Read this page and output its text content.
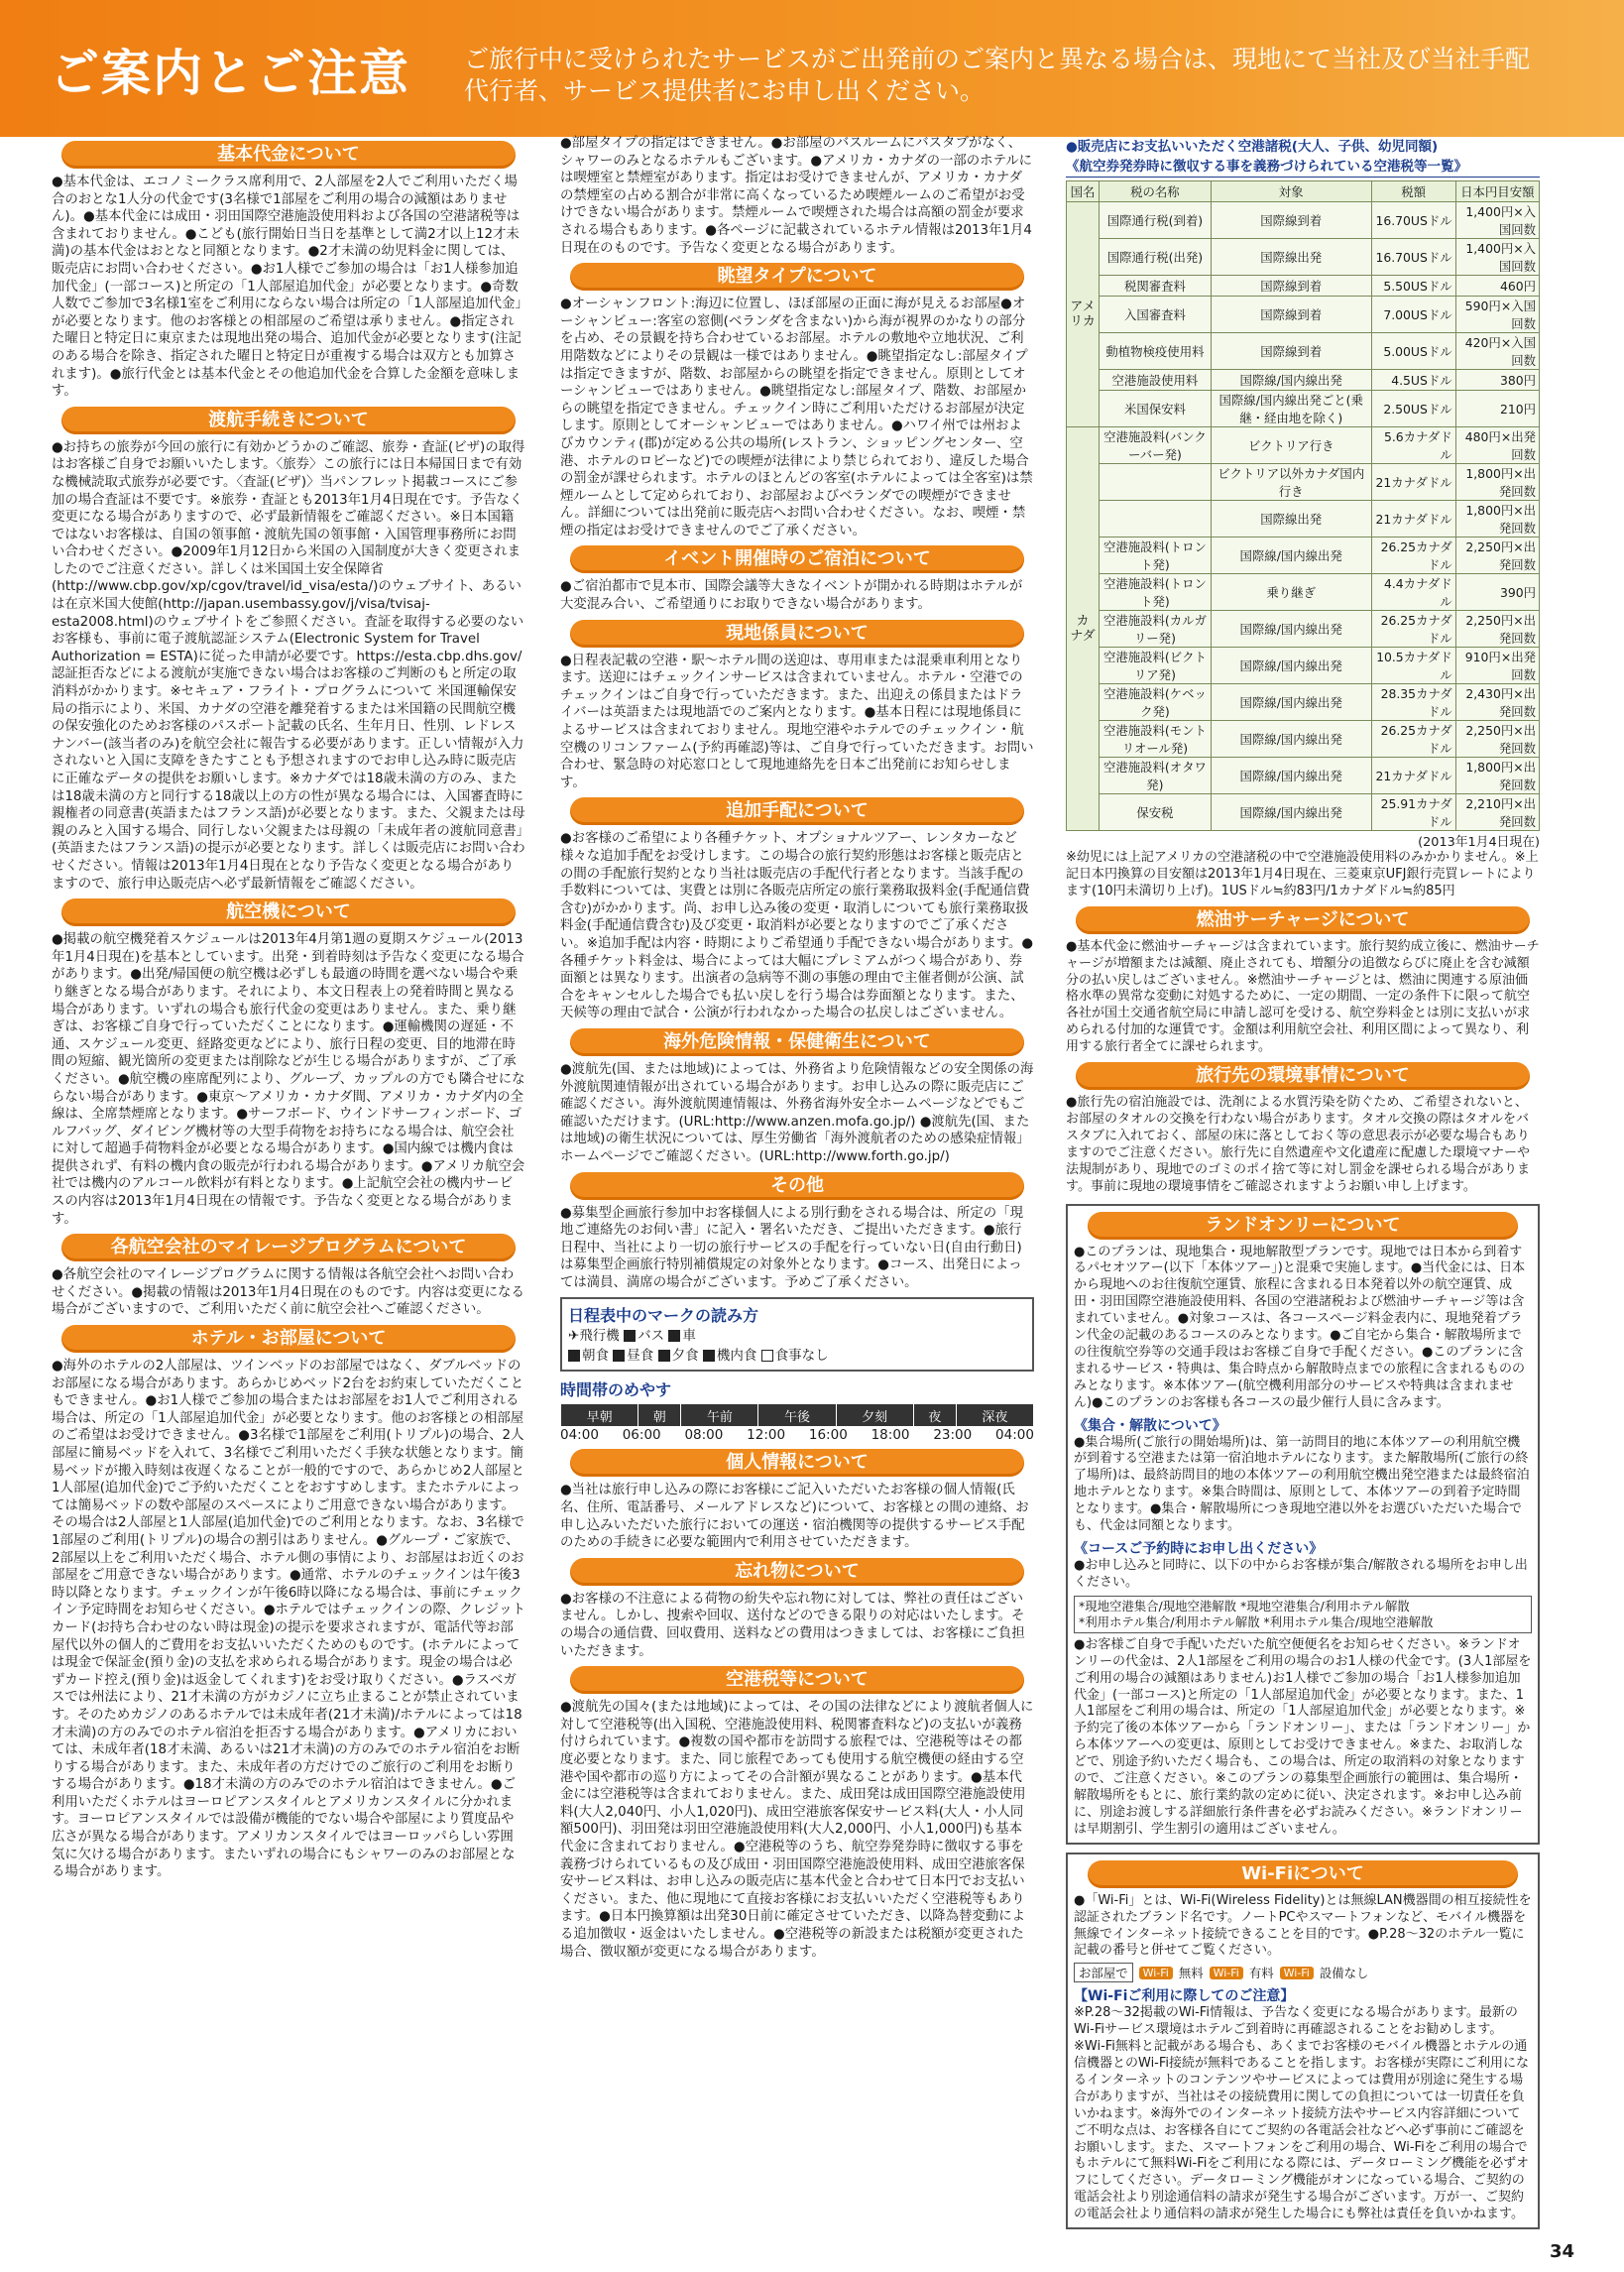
ご案内とご注意 ご旅行中に受けられたサービスがご出発前のご案内と異なる場合は、現地にて当社及び当社手配代行者、サービス提供者にお申し出ください。
基本代金について

●基本代金は、エコノミークラス席利用で、2人部屋を2人でご利用いただく場合のおとな1人分の代金です(3名様で1部屋をご利用の場合の減額はありません)。●基本代金には成田・羽田国際空港施設使用料および各国の空港諸税等は含まれておりません。●こども(旅行開始日当日を基準として満2才以上12才未満)の基本代金はおとなと同額となります。●2才未満の幼児料金に関しては、販売店にお問い合わせください。●お1人様でご参加の場合は「お1人様参加追加代金」(一部コース)と所定の「1人部屋追加代金」が必要となります。●奇数人数でご参加で3名様1室をご利用にならない場合は所定の「1人部屋追加代金」が必要となります。他のお客様との相部屋のご希望は承りません。●指定された曜日と特定日に東京または現地出発の場合、追加代金が必要となります(注記のある場合を除き、指定された曜日と特定日が重複する場合は双方とも加算されます)。●旅行代金とは基本代金とその他追加代金を合算した金額を意味します。

渡航手続きについて

●お持ちの旅券が今回の旅行に有効かどうかのご確認、旅券・査証(ビザ)の取得はお客様ご自身でお願いいたします。〈旅券〉この旅行には日本帰国日まで有効な機械読取式旅券が必要です。〈査証(ビザ)〉当パンフレット掲載コースにご参加の場合査証は不要です。※旅券・査証とも2013年1月4日現在です。予告なく変更になる場合がありますので、必ず最新情報をご確認ください。※日本国籍ではないお客様は、自国の領事館・渡航先国の領事館・入国管理事務所にお問い合わせください。●2009年1月12日から米国の入国制度が大きく変更されましたのでご注意ください。詳しくは米国国土安全保障省(http://www.cbp.gov/xp/cgov/travel/id_visa/esta/)のウェブサイト、あるいは在京米国大使館(http://japan.usembassy.gov/j/visa/tvisaj-esta2008.html)のウェブサイトをご参照ください。査証を取得する必要のないお客様も、事前に電子渡航認証システム(Electronic System for Travel Authorization = ESTA)に従った申請が必要です。https://esta.cbp.dhs.gov/ 認証拒否などによる渡航が実施できない場合はお客様のご判断のもと所定の取消料がかかります。※セキュア・フライト・プログラムについて 米国運輸保安局の指示により、米国、カナダの空港を離発着するまたは米国籍の民間航空機の保安強化のためお客様のパスポート記載の氏名、生年月日、性別、レドレスナンバー(該当者のみ)を航空会社に報告する必要があります。正しい情報が入力されないと入国に支障をきたすことも予想されますのでお申し込み時に販売店に正確なデータの提供をお願いします。※カナダでは18歳未満の方のみ、または18歳未満の方と同行する18歳以上の方の性が異なる場合には、入国審査時に親権者の同意書(英語またはフランス語)が必要となります。また、父親または母親のみと入国する場合、同行しない父親または母親の「未成年者の渡航同意書」(英語またはフランス語)の提示が必要となります。詳しくは販売店にお問い合わせください。情報は2013年1月4日現在となり予告なく変更となる場合がありますので、旅行申込販売店へ必ず最新情報をご確認ください。

航空機について

●掲載の航空機発着スケジュールは2013年4月第1週の夏期スケジュール(2013年1月4日現在)を基本としています。出発・到着時刻は予告なく変更になる場合があります。●出発/帰国便の航空機は必ずしも最適の時間を選べない場合や乗り継ぎとなる場合があります。それにより、本文日程表上の発着時間と異なる場合があります。いずれの場合も旅行代金の変更はありません。また、乗り継ぎは、お客様ご自身で行っていただくことになります。●運輸機関の遅延・不通、スケジュール変更、経路変更などにより、旅行日程の変更、目的地滞在時間の短縮、観光箇所の変更または削除などが生じる場合がありますが、ご了承ください。●航空機の座席配列により、グループ、カップルの方でも隣合せにならない場合があります。●東京〜アメリカ・カナダ間、アメリカ・カナダ内の全線は、全席禁煙席となります。●サーフボード、ウインドサーフィンボード、ゴルフバッグ、ダイビング機材等の大型手荷物をお持ちになる場合は、航空会社に対して超過手荷物料金が必要となる場合があります。●国内線では機内食は提供されず、有料の機内食の販売が行われる場合があります。●アメリカ航空会社では機内のアルコール飲料が有料となります。●上記航空会社の機内サービスの内容は2013年1月4日現在の情報です。予告なく変更となる場合があります。

各航空会社のマイレージプログラムについて

●各航空会社のマイレージプログラムに関する情報は各航空会社へお問い合わせください。●掲載の情報は2013年1月4日現在のものです。内容は変更になる場合がございますので、ご利用いただく前に航空会社へご確認ください。

ホテル・お部屋について

●海外のホテルの2人部屋は、ツインベッドのお部屋ではなく、ダブルベッドのお部屋になる場合があります。あらかじめベッド2台をお約束していただくこともできません。●お1人様でご参加の場合またはお部屋をお1人でご利用される場合は、所定の「1人部屋追加代金」が必要となります。他のお客様との相部屋のご希望はお受けできません。●3名様で1部屋をご利用(トリプル)の場合、2人部屋に簡易ベッドを入れて、3名様でご利用いただく手狭な状態となります。簡易ベッドが搬入時刻は夜遅くなることが一般的ですので、あらかじめ2人部屋と1人部屋(追加代金)でご予約いただくことをおすすめします。またホテルによっては簡易ベッドの数や部屋のスペースによりご用意できない場合があります。その場合は2人部屋と1人部屋(追加代金)でのご利用となります。なお、3名様で1部屋のご利用(トリプル)の場合の割引はありません。●グループ・ご家族で、2部屋以上をご利用いただく場合、ホテル側の事情により、お部屋はお近くのお部屋をご用意できない場合があります。●通常、ホテルのチェックインは午後3時以降となります。チェックインが午後6時以降になる場合は、事前にチェックイン予定時間をお知らせください。●ホテルではチェックインの際、クレジットカード(お持ち合わせのない時は現金)の提示を要求されますが、電話代等お部屋代以外の個人的ご費用をお支払いいただくためのものです。(ホテルによっては現金で保証金(預り金)の支払を求められる場合があります。現金の場合は必ずカード控え(預り金)は返金してくれます)をお受け取りください。●ラスベガスでは州法により、21才未満の方がカジノに立ち止まることが禁止されています。そのためカジノのあるホテルでは未成年者(21才未満)/ホテルによっては18才未満)の方のみでのホテル宿泊を拒否する場合があります。●アメリカにおいては、未成年者(18才未満、あるいは21才未満)の方のみでのホテル宿泊をお断りする場合があります。また、未成年者の方だけでのご旅行のご利用をお断りする場合があります。●18才未満の方のみでのホテル宿泊はできません。●ご利用いただくホテルはヨーロピアンスタイルとアメリカンスタイルに分かれます。ヨーロピアンスタイルでは設備が機能的でない場合や部屋により質度品や広さが異なる場合があります。アメリカンスタイルではヨーロッパらしい雰囲気に欠ける場合があります。またいずれの場合にもシャワーのみのお部屋となる場合があります。

●部屋タイプの指定はできません。●お部屋のバスルームにバスタブがなく、シャワーのみとなるホテルもございます。●アメリカ・カナダの一部のホテルには喫煙室と禁煙室があります。指定はお受けできませんが、アメリカ・カナダの禁煙室の占める割合が非常に高くなっているため喫煙ルームのご希望がお受けできない場合があります。禁煙ルームで喫煙された場合は高額の罰金が要求される場合もあります。●各ページに記載されているホテル情報は2013年1月4日現在のものです。予告なく変更となる場合があります。

眺望タイプについて

●オーシャンフロント:海辺に位置し、ほぼ部屋の正面に海が見えるお部屋●オーシャンビュー:客室の窓側(ベランダを含まない)から海が視界のかなりの部分を占め、その景観を持ち合わせているお部屋。ホテルの敷地や立地状況、ご利用階数などによりその景観は一様ではありません。●眺望指定なし:部屋タイプは指定できますが、階数、お部屋からの眺望を指定できません。原則としてオーシャンビューではありません。●眺望指定なし:部屋タイプ、階数、お部屋からの眺望を指定できません。チェックイン時にご利用いただけるお部屋が決定します。原則としてオーシャンビューではありません。●ハワイ州では州およびカウンティ(郡)が定める公共の場所(レストラン、ショッピングセンター、空港、ホテルのロビーなど)での喫煙が法律により禁じられており、違反した場合の罰金が課せられます。ホテルのほとんどの客室(ホテルによっては全客室)は禁煙ルームとして定められており、お部屋およびベランダでの喫煙ができません。詳細については出発前に販売店へお問い合わせください。なお、喫煙・禁煙の指定はお受けできませんのでご了承ください。

イベント開催時のご宿泊について

●ご宿泊都市で見本市、国際会議等大きなイベントが開かれる時期はホテルが大変混み合い、ご希望通りにお取りできない場合があります。

現地係員について

●日程表記載の空港・駅〜ホテル間の送迎は、専用車または混乗車利用となります。送迎にはチェックインサービスは含まれていません。ホテル・空港でのチェックインはご自身で行っていただきます。また、出迎えの係員またはドライバーは英語または現地語でのご案内となります。●基本日程には現地係員によるサービスは含まれておりません。現地空港やホテルでのチェックイン・航空機のリコンファーム(予約再確認)等は、ご自身で行っていただきます。お問い合わせ、緊急時の対応窓口として現地連絡先を日本ご出発前にお知らせします。

追加手配について

●お客様のご希望により各種チケット、オプショナルツアー、レンタカーなど様々な追加手配をお受けします。この場合の旅行契約形態はお客様と販売店との間の手配旅行契約となり当社は販売店の手配代行者となります。当該手配の手数料については、実費とは別に各販売店所定の旅行業務取扱料金(手配通信費含む)がかかります。尚、お申し込み後の変更・取消しについても旅行業務取扱料金(手配通信費含む)及び変更・取消料が必要となりますのでご了承ください。※追加手配は内容・時期によりご希望通り手配できない場合があります。●各種チケット料金は、場合によっては大幅にプレミアムがつく場合があり、券面額とは異なります。出演者の急病等不測の事態の理由で主催者側が公演、試合をキャンセルした場合でも払い戻しを行う場合は券面額となります。また、天候等の理由で試合・公演が行われなかった場合の払戻しはございません。

海外危険情報・保健衛生について

●渡航先(国、または地域)によっては、外務省より危険情報などの安全関係の海外渡航関連情報が出されている場合があります。お申し込みの際に販売店にご確認ください。海外渡航関連情報は、外務省海外安全ホームページなどでもご確認いただけます。(URL:http://www.anzen.mofa.go.jp/) ●渡航先(国、または地域)の衛生状況については、厚生労働省「海外渡航者のための感染症情報」ホームページでご確認ください。(URL:http://www.forth.go.jp/)

その他

●募集型企画旅行参加中お客様個人による別行動をされる場合は、所定の「現地ご連絡先のお伺い書」に記入・署名いただき、ご提出いただきます。●旅行日程中、当社により一切の旅行サービスの手配を行っていない日(自由行動日)は募集型企画旅行特別補償規定の対象外となります。●コース、出発日によっては満員、満席の場合がございます。予めご了承ください。

日程表中のマークの読み方
✈飛行機 バス 車
朝食 昼食 夕食 機内食 食事なし
時間帯のめやす
早朝	朝	午前	午後	夕刻	夜	深夜
04:00 06:00 08:00 12:00 16:00 18:00 23:00 04:00
個人情報について

●当社は旅行申し込みの際にお客様にご記入いただいたお客様の個人情報(氏名、住所、電話番号、メールアドレスなど)について、お客様との間の連絡、お申し込みいただいた旅行においての運送・宿泊機関等の提供するサービス手配のための手続きに必要な範囲内で利用させていただきます。

忘れ物について

●お客様の不注意による荷物の紛失や忘れ物に対しては、弊社の責任はございません。しかし、捜索や回収、送付などのできる限りの対応はいたします。その場合の通信費、回収費用、送料などの費用はつきましては、お客様にご負担いただきます。

空港税等について

●渡航先の国々(または地域)によっては、その国の法律などにより渡航者個人に対して空港税等(出入国税、空港施設使用料、税関審査料など)の支払いが義務付けられています。●複数の国や都市を訪問する旅程では、空港税等はその都度必要となります。また、同じ旅程であっても使用する航空機便の経由する空港や国や都市の巡り方によってその合計額が異なることがあります。●基本代金には空港税等は含まれておりません。また、成田発は成田国際空港施設使用料(大人2,040円、小人1,020円)、成田空港旅客保安サービス料(大人・小人同額500円)、羽田発は羽田空港施設使用料(大人2,000円、小人1,000円)も基本代金に含まれておりません。●空港税等のうち、航空券発券時に徴収する事を義務づけられているもの及び成田・羽田国際空港施設使用料、成田空港旅客保安サービス料は、お申し込みの販売店に基本代金と合わせて日本円でお支払いください。また、他に現地にて直接お客様にお支払いいただく空港税等もあります。●日本円換算額は出発30日前に確定させていただき、以降為替変動による追加徴収・返金はいたしません。●空港税等の新設または税額が変更された場合、徴収額が変更になる場合があります。

●販売店にお支払いいただく空港諸税(大人、子供、幼児同額)
《航空券発券時に徴収する事を義務づけられている空港税等一覧》
国名	税の名称	対象	税額	日本円目安額
アメリカ	国際通行税(到着)	国際線到着	16.70USドル	1,400円×入国回数
	国際通行税(出発)	国際線出発	16.70USドル	1,400円×入国回数
	税関審査料	国際線到着	5.50USドル	460円
	入国審査料	国際線到着	7.00USドル	590円×入国回数
	動植物検疫使用料	国際線到着	5.00USドル	420円×入国回数
	空港施設使用料	国際線/国内線出発	4.5USドル	380円
	米国保安料	国際線/国内線出発ごと(乗継・経由地を除く)	2.50USドル	210円
カナダ	空港施設料(バンクーバー発)	ビクトリア行き	5.6カナダドル	480円×出発回数
		ビクトリア以外カナダ国内行き	21カナダドル	1,800円×出発回数
		国際線出発	21カナダドル	1,800円×出発回数
	空港施設料(トロント発)	国際線/国内線出発	26.25カナダドル	2,250円×出発回数
	空港施設料(トロント発)	乗り継ぎ	4.4カナダドル	390円
	空港施設料(カルガリー発)	国際線/国内線出発	26.25カナダドル	2,250円×出発回数
	空港施設料(ビクトリア発)	国際線/国内線出発	10.5カナダドル	910円×出発回数
	空港施設料(ケベック発)	国際線/国内線出発	28.35カナダドル	2,430円×出発回数
	空港施設料(モントリオール発)	国際線/国内線出発	26.25カナダドル	2,250円×出発回数
	空港施設料(オタワ発)	国際線/国内線出発	21カナダドル	1,800円×出発回数
	保安税	国際線/国内線出発	25.91カナダドル	2,210円×出発回数
(2013年1月4日現在)

※幼児には上記アメリカの空港諸税の中で空港施設使用料のみかかりません。※上記日本円換算の目安額は2013年1月4日現在、三菱東京UFJ銀行売買レートによります(10円未満切り上げ)。1USドル≒約83円/1カナダドル≒約85円

燃油サーチャージについて

●基本代金に燃油サーチャージは含まれています。旅行契約成立後に、燃油サーチャージが増額または減額、廃止されても、増額分の追徴ならびに廃止を含む減額分の払い戻しはございません。※燃油サーチャージとは、燃油に関連する原油価格水準の異常な変動に対処するために、一定の期間、一定の条件下に限って航空各社が国土交通省航空局に申請し認可を受ける、航空券料金とは別に支払いが求められる付加的な運賃です。金額は利用航空会社、利用区間によって異なり、利用する旅行者全てに課せられます。

旅行先の環境事情について

●旅行先の宿泊施設では、洗剤による水質汚染を防ぐため、ご希望されないと、お部屋のタオルの交換を行わない場合があります。タオル交換の際はタオルをバスタブに入れておく、部屋の床に落としておく等の意思表示が必要な場合もありますのでご注意ください。旅行先に自然遺産や文化遺産に配慮した環境マナーや法規制があり、現地でのゴミのポイ捨て等に対し罰金を課せられる場合があります。事前に現地の環境事情をご確認されますようお願い申し上げます。

ランドオンリーについて

●このプランは、現地集合・現地解散型プランです。現地では日本から到着するパセオツアー(以下「本体ツアー」)と混乗で実施します。●当代金には、日本から現地へのお往復航空運賃、旅程に含まれる日本発着以外の航空運賃、成田・羽田国際空港施設使用料、各国の空港諸税および燃油サーチャージ等は含まれていません。●対象コースは、各コースページ料金表内に、現地発着プラン代金の記載のあるコースのみとなります。●ご自宅から集合・解散場所までの往復航空券等の交通手段はお客様ご自身で手配ください。●このプランに含まれるサービス・特典は、集合時点から解散時点までの旅程に含まれるもののみとなります。※本体ツアー(航空機利用部分のサービスや特典は含まれません)●このプランのお客様も各コースの最少催行人員に含みます。

《集合・解散について》

●集合場所(ご旅行の開始場所)は、第一訪問目的地に本体ツアーの利用航空機が到着する空港または第一宿泊地ホテルになります。また解散場所(ご旅行の終了場所)は、最終訪問目的地の本体ツアーの利用航空機出発空港または最終宿泊地ホテルとなります。※集合時間は、原則として、本体ツアーの到着予定時間となります。●集合・解散場所につき現地空港以外をお選びいただいた場合でも、代金は同額となります。

《コースご予約時にお申し出ください》

●お申し込みと同時に、以下の中からお客様が集合/解散される場所をお申し出ください。

*現地空港集合/現地空港解散 *現地空港集合/利用ホテル解散
*利用ホテル集合/利用ホテル解散 *利用ホテル集合/現地空港解散

●お客様ご自身で手配いただいた航空便便名をお知らせください。※ランドオンリーの代金は、2人1部屋をご利用の場合のお1人様の代金です。(3人1部屋をご利用の場合の減額はありません)お1人様でご参加の場合「お1人様参加追加代金」(一部コース)と所定の「1人部屋追加代金」が必要となります。また、1人1部屋をご利用の場合は、所定の「1人部屋追加代金」が必要となります。※予約完了後の本体ツアーから「ランドオンリー」、または「ランドオンリー」から本体ツアーへの変更は、原則としてお受けできません。※また、お取消しなどで、別途予約いただく場合も、この場合は、所定の取消料の対象となりますので、ご注意ください。※このプランの募集型企画旅行の範囲は、集合場所・解散場所をもとに、旅行業約款の定めに従い、決定されます。※お申し込み前に、別途お渡しする詳細旅行条件書を必ずお読みください。※ランドオンリーは早期割引、学生割引の適用はございません。

Wi-Fiについて

●「Wi-Fi」とは、Wi-Fi(Wireless Fidelity)とは無線LAN機器間の相互接続性を認証されたブランド名です。ノートPCやスマートフォンなど、モバイル機器を無線でインターネット接続できることを目的です。●P.28〜32のホテル一覧に記載の番号と併せてご覧ください。

お部屋で	Wi-Fi 無料 Wi-Fi 有料 Wi-Fi 設備なし
【Wi-Fiご利用に際してのご注意】

※P.28〜32掲載のWi-Fi情報は、予告なく変更になる場合があります。最新のWi-Fiサービス環境はホテルご到着時に再確認されることをお勧めします。※Wi-Fi無料と記載がある場合も、あくまでお客様のモバイル機器とホテルの通信機器とのWi-Fi接続が無料であることを指します。お客様が実際にご利用になるインターネットのコンテンツやサービスによっては費用が別途に発生する場合がありますが、当社はその接続費用に関しての負担については一切責任を負いかねます。※海外でのインターネット接続方法やサービス内容詳細についてご不明な点は、お客様各自にてご契約の各電話会社などへ必ず事前にご確認をお願いします。また、スマートフォンをご利用の場合、Wi-Fiをご利用の場合でもホテルにて無料Wi-Fiをご利用になる際には、データローミング機能を必ずオフにしてください。データローミング機能がオンになっている場合、ご契約の電話会社より別途通信料の請求が発生する場合がございます。万が一、ご契約の電話会社より通信料の請求が発生した場合にも弊社は責任を負いかねます。

34
